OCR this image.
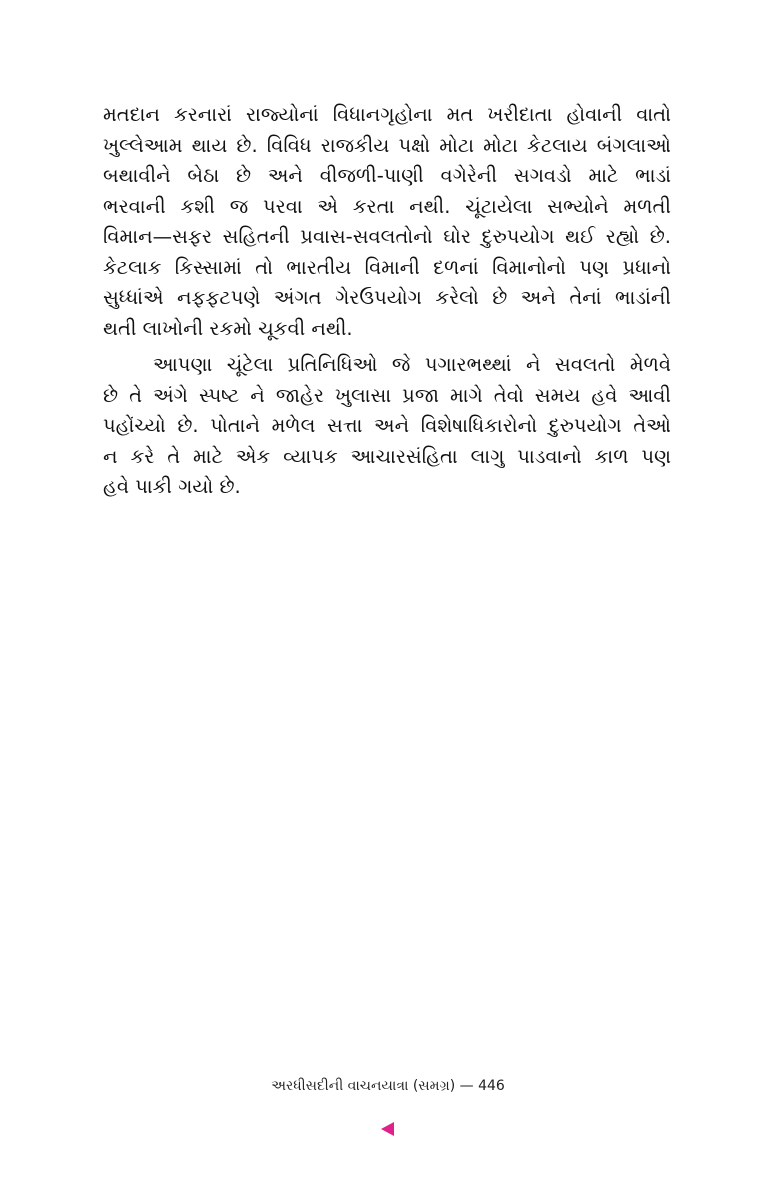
મતદાન કરનારાં રાજ્યોનાં વિધાનગૃહોના મત ખરીદાતા હોવાની વાતો
ખુલ્લેઆમ થાય છે. વિવિધ રાજકીય પક્ષો મોટા મોટા કેટલાય બંગલાઓ
બથાવીને બેઠા છે અને વીજળી-પાણી વગેરેની સગવડો માટે ભાડાં
ભરવાની કશી જ પરવા એ કરતા નથી. ચૂંટાયેલા સભ્યોને મળતી
વિમાન—સફર સહિતની પ્રવાસ-સવલતોનો ઘોર દુરુપયોગ થઈ રહ્યો છે.
કેટલાક કિસ્સામાં તો ભારતીય વિમાની દળનાં વિમાનોનો પણ પ્રધાનો
સુધ્ધાંએ નફફટપણે અંગત ગેરઉપયોગ કરેલો છે અને તેનાં ભાડાંની
થતી લાખોની રકમો ચૂકવી નથી.
આપણા ચૂંટેલા પ્રતિનિધિઓ જે પગારભથ્થાં ને સવલતો મેળવે
છે તે અંગે સ્પષ્ટ ને જાહેર ખુલાસા પ્રજા માગે તેવો સમય હવે આવી
પહોંચ્યો છે. પોતાને મળેલ સત્તા અને વિશેષાધિકારોનો દુરુપયોગ તેઓ
ન કરે તે માટે એક વ્યાપક આચારસંહિતા લાગુ પાડવાનો કાળ પણ
હવે પાકી ગયો છે.
અરધીસદીની વાચનયાત્રા (સમગ્ર) — 446
